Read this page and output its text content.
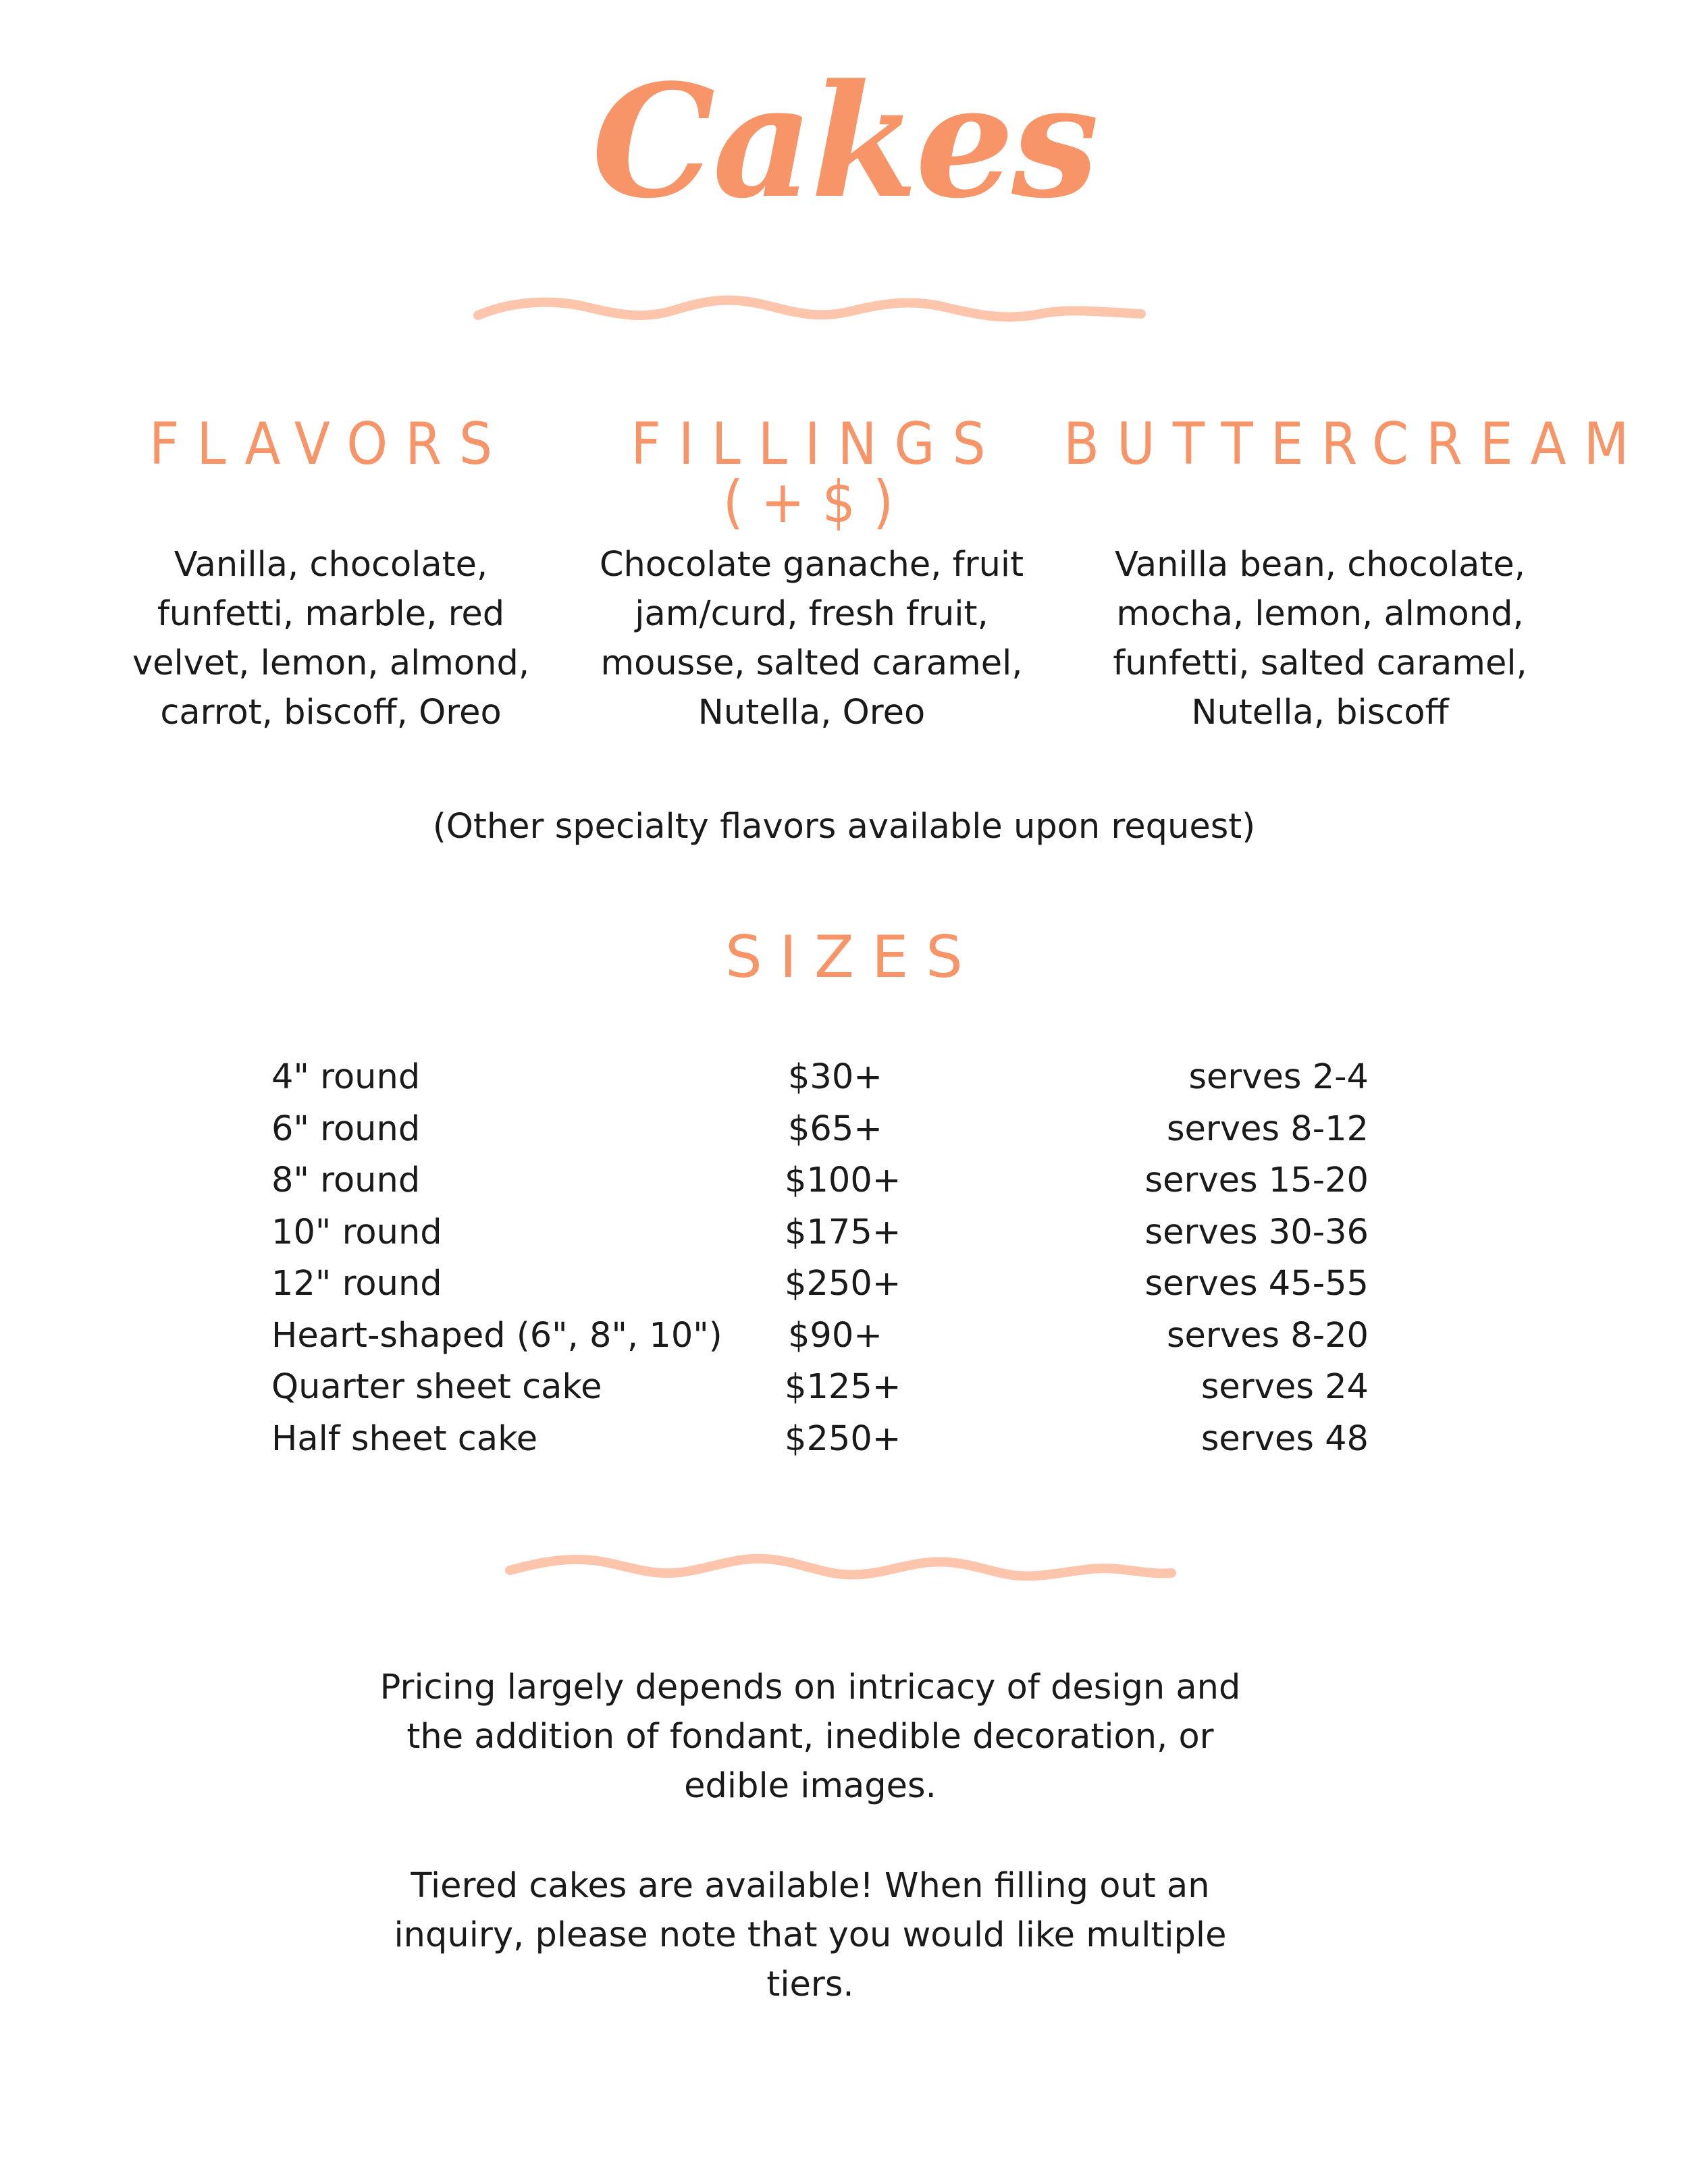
Cakes
FLAVORS	FILLINGS (+$)
BUTTERCREAM
Vanilla, chocolate,
funfetti, marble, red
velvet, lemon, almond,
carrot, biscoff, Oreo
Chocolate ganache, fruit
jam/curd, fresh fruit,
mousse, salted caramel,
Nutella, Oreo
Vanilla bean, chocolate,
mocha, lemon, almond,
funfetti, salted caramel,
Nutella, biscoff
(Other specialty flavors available upon request)
SIZES
4" round	$30+	serves 2-4
6" round	$65+	serves 8-12
8" round	$100+	serves 15-20
10" round	$175+	serves 30-36
12" round	$250+	serves 45-55
Heart-shaped (6", 8", 10") $90+	serves 8-20
Quarter sheet cake	$125+	serves 24
Half sheet cake	$250+	serves 48
Pricing largely depends on intricacy of design and
the addition of fondant, inedible decoration, or
edible images.
Tiered cakes are available! When filling out an
inquiry, please note that you would like multiple
tiers.
